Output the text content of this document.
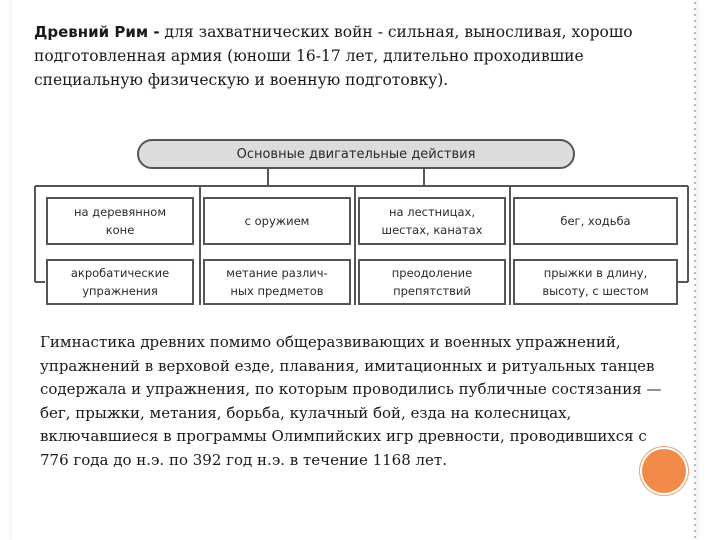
Древний Рим - для захватнических войн - сильная, выносливая, хорошо подготовленная армия (юноши 16-17 лет, длительно проходившие специальную физическую и военную подготовку).

Основные двигательные действия
на деревянном
коне
с оружием
на лестницах,
шестах, канатах
бег, ходьба
акробатические
упражнения
метание различ-
ных предметов
преодоление
препятствий
прыжки в длину,
высоту, с шестом

Гимнастика древних помимо общеразвивающих и военных упражнений, упражнений в верховой езде, плавания, имитационных и ритуальных танцев содержала и упражнения, по которым проводились публичные состязания — бег, прыжки, метания, борьба, кулачный бой, езда на колесницах, включавшиеся в программы Олимпийских игр древности, проводившихся с 776 года до н.э. по 392 год н.э. в течение 1168 лет.
